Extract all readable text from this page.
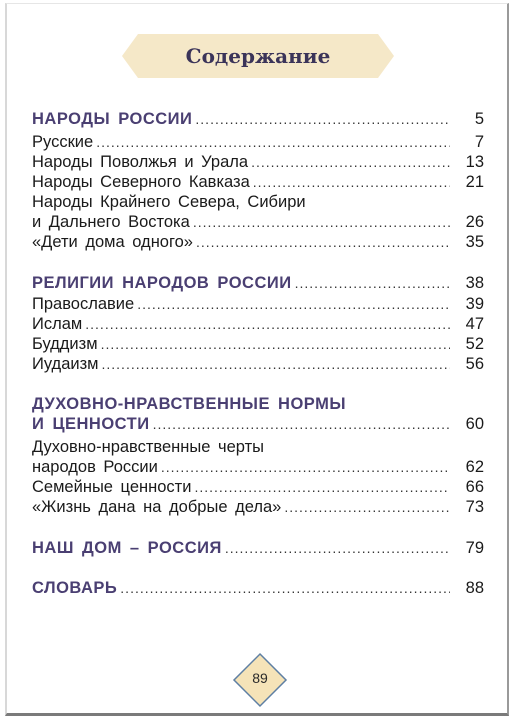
Содержание
НАРОДЫ РОССИИ .....	5
Русские .....	7
Народы Поволжья и Урала .....	13
Народы Северного Кавказа .....	21
Народы Крайнего Севера, Сибири
и Дальнего Востока .....	26
«Дети дома одного» .....	35
РЕЛИГИИ НАРОДОВ РОССИИ .....	38
Православие .....	39
Ислам .....	47
Буддизм .....	52
Иудаизм .....	56
ДУХОВНО-НРАВСТВЕННЫЕ НОРМЫ
И ЦЕННОСТИ .....	60
Духовно-нравственные черты
народов России .....	62
Семейные ценности .....	66
«Жизнь дана на добрые дела» .....	73
НАШ ДОМ – РОССИЯ .....	79
СЛОВАРЬ .....	88
89
